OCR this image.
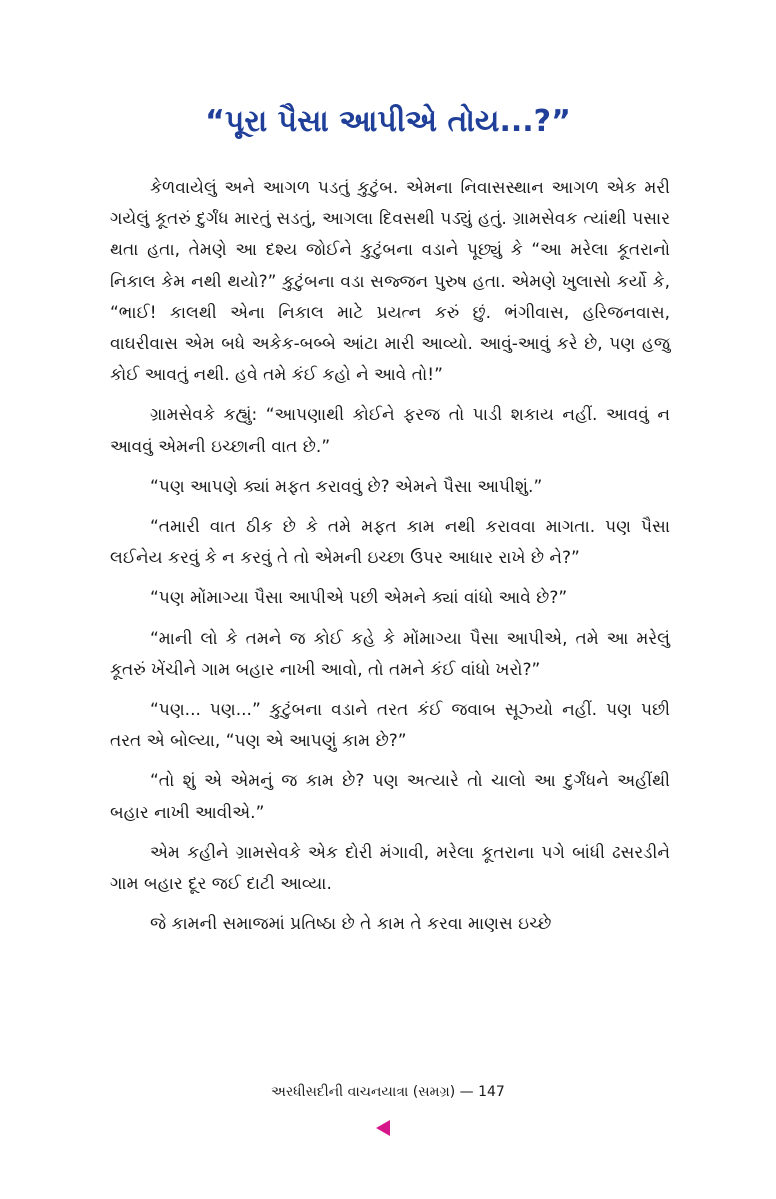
“પૂરા પૈસા આપીએ તોય...?”

કેળવાયેલું અને આગળ પડતું કુટુંબ. એમના નિવાસસ્થાન આગળ એક મરી ગયેલું કૂતરું દુર્ગંધ મારતું સડતું, આગલા દિવસથી પડ્યું હતું. ગ્રામસેવક ત્યાંથી પસાર થતા હતા, તેમણે આ દશ્ય જોઈને કુટુંબના વડાને પૂછ્યું કે “આ મરેલા કૂતરાનો નિકાલ કેમ નથી થયો?” કુટુંબના વડા સજ્જન પુરુષ હતા. એમણે ખુલાસો કર્યો કે, “ભાઈ! કાલથી એના નિકાલ માટે પ્રયત્ન કરું છું. ભંગીવાસ, હરિજનવાસ, વાઘરીવાસ એમ બધે અકેક-બબ્બે આંટા મારી આવ્યો. આવું-આવું કરે છે, પણ હજુ કોઈ આવતું નથી. હવે તમે કંઈ કહો ને આવે તો!”

ગ્રામસેવકે કહ્યું: “આપણાથી કોઈને ફરજ તો પાડી શકાય નહીં. આવવું ન આવવું એમની ઇચ્છાની વાત છે.”

“પણ આપણે ક્યાં મફત કરાવવું છે? એમને પૈસા આપીશું.”

“તમારી વાત ઠીક છે કે તમે મફત કામ નથી કરાવવા માગતા. પણ પૈસા લઈનેય કરવું કે ન કરવું તે તો એમની ઇચ્છા ઉપર આધાર રાખે છે ને?”

“પણ મોંમાગ્યા પૈસા આપીએ પછી એમને ક્યાં વાંધો આવે છે?”

“માની લો કે તમને જ કોઈ કહે કે મોંમાગ્યા પૈસા આપીએ, તમે આ મરેલું કૂતરું ખેંચીને ગામ બહાર નાખી આવો, તો તમને કંઈ વાંધો ખરો?”

“પણ... પણ...” કુટુંબના વડાને તરત કંઈ જવાબ સૂઝ્યો નહીં. પણ પછી તરત એ બોલ્યા, “પણ એ આપણું કામ છે?”

“તો શું એ એમનું જ કામ છે? પણ અત્યારે તો ચાલો આ દુર્ગંધને અહીંથી બહાર નાખી આવીએ.”

એમ કહીને ગ્રામસેવકે એક દોરી મંગાવી, મરેલા કૂતરાના પગે બાંધી ઢસરડીને ગામ બહાર દૂર જઈ દાટી આવ્યા.

જે કામની સમાજમાં પ્રતિષ્ઠા છે તે કામ તે કરવા માણસ ઇચ્છે

અરધીસદીની વાચનયાત્રા (સમગ્ર) — 147
